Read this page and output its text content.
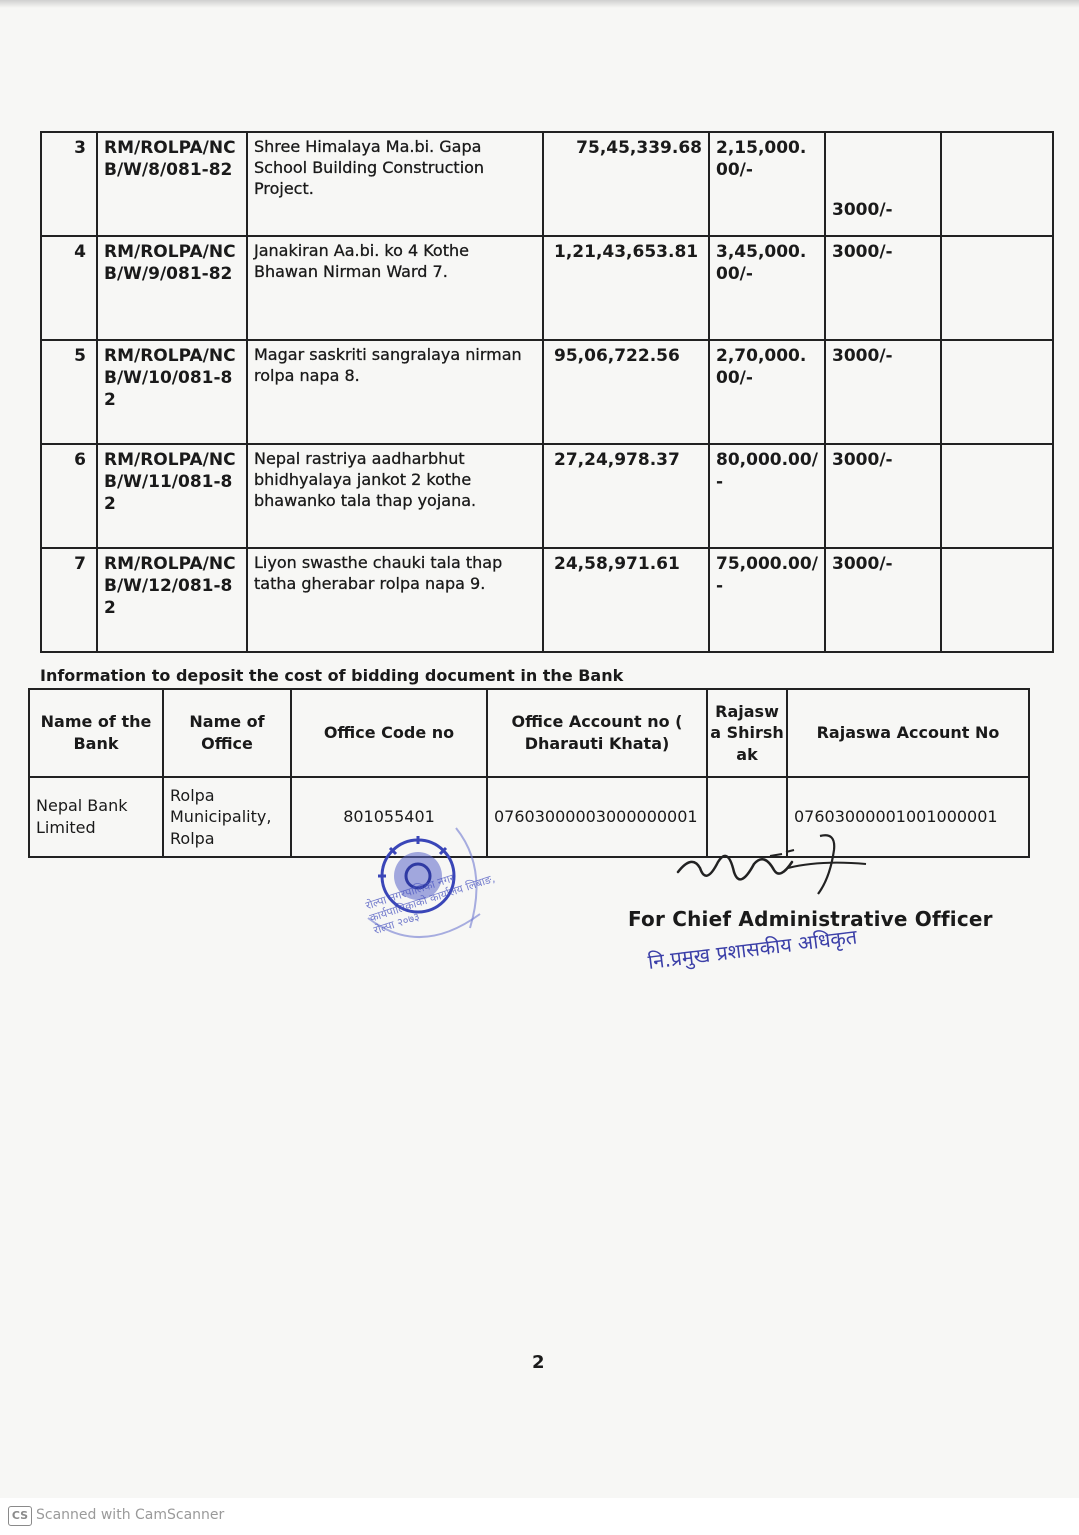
3	RM/ROLPA/NCB/W/8/081-82	Shree Himalaya Ma.bi. Gapa School Building Construction Project.	75,45,339.68	2,15,000.00/-	3000/-	
4	RM/ROLPA/NCB/W/9/081-82	Janakiran Aa.bi. ko 4 Kothe Bhawan Nirman Ward 7.	1,21,43,653.81	3,45,000.00/-	3000/-	
5	RM/ROLPA/NCB/W/10/081-82	Magar saskriti sangralaya nirman rolpa napa 8.	95,06,722.56	2,70,000.00/-	3000/-	
6	RM/ROLPA/NCB/W/11/081-82	Nepal rastriya aadharbhut bhidhyalaya jankot 2 kothe bhawanko tala thap yojana.	27,24,978.37	80,000.00/-	3000/-	
7	RM/ROLPA/NCB/W/12/081-82	Liyon swasthe chauki tala thap tatha gherabar rolpa napa 9.	24,58,971.61	75,000.00/-	3000/-	
Information to deposit the cost of bidding document in the Bank
Name of the Bank	Name of Office	Office Code no	Office Account no ( Dharauti Khata)	Rajaswa Shirshak	Rajaswa Account No
Nepal Bank Limited	Rolpa Municipality, Rolpa	801055401	07603000003000000001		07603000001001000001
रोल्पा नगरपालिका नगर कार्यपालिकाको कार्यालय लिबाङ, रोल्पा २०७३	For Chief Administrative Officer
नि.प्रमुख प्रशासकीय अधिकृत
2
CS Scanned with CamScanner
